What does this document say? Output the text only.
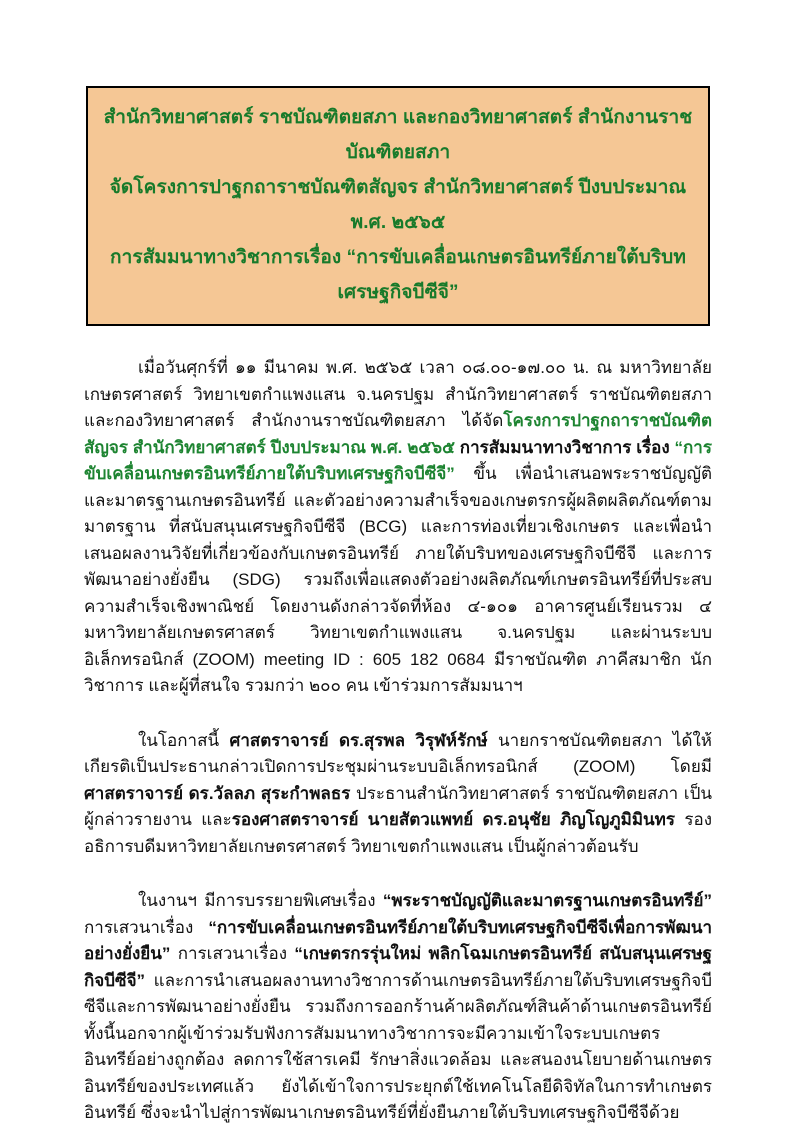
สำนักวิทยาศาสตร์ ราชบัณฑิตยสภา และกองวิทยาศาสตร์ สำนักงานราชบัณฑิตยสภา
จัดโครงการปาฐกถาราชบัณฑิตสัญจร สำนักวิทยาศาสตร์ ปีงบประมาณ พ.ศ. ๒๕๖๕
การสัมมนาทางวิชาการเรื่อง “การขับเคลื่อนเกษตรอินทรีย์ภายใต้บริบทเศรษฐกิจบีซีจี”

เมื่อวันศุกร์ที่ ๑๑ มีนาคม พ.ศ. ๒๕๖๕ เวลา ๐๘.๐๐-๑๗.๐๐ น. ณ มหาวิทยาลัยเกษตรศาสตร์ วิทยาเขตกำแพงแสน จ.นครปฐม สำนักวิทยาศาสตร์ ราชบัณฑิตยสภา และกองวิทยาศาสตร์ สำนักงานราชบัณฑิตยสภา ได้จัดโครงการปาฐกถาราชบัณฑิตสัญจร สำนักวิทยาศาสตร์ ปีงบประมาณ พ.ศ. ๒๕๖๕ การสัมมนาทางวิชาการ เรื่อง “การขับเคลื่อนเกษตรอินทรีย์ภายใต้บริบทเศรษฐกิจบีซีจี” ขึ้น เพื่อนำเสนอพระราชบัญญัติและมาตรฐานเกษตรอินทรีย์ และตัวอย่างความสำเร็จของเกษตรกรผู้ผลิตผลิตภัณฑ์ตามมาตรฐาน ที่สนับสนุนเศรษฐกิจบีซีจี (BCG) และการท่องเที่ยวเชิงเกษตร และเพื่อนำเสนอผลงานวิจัยที่เกี่ยวข้องกับเกษตรอินทรีย์ ภายใต้บริบทของเศรษฐกิจบีซีจี และการพัฒนาอย่างยั่งยืน (SDG) รวมถึงเพื่อแสดงตัวอย่างผลิตภัณฑ์เกษตรอินทรีย์ที่ประสบความสำเร็จเชิงพาณิชย์ โดยงานดังกล่าวจัดที่ห้อง ๔-๑๐๑ อาคารศูนย์เรียนรวม ๔ มหาวิทยาลัยเกษตรศาสตร์ วิทยาเขตกำแพงแสน จ.นครปฐม และผ่านระบบอิเล็กทรอนิกส์ (ZOOM) meeting ID : 605 182 0684 มีราชบัณฑิต ภาคีสมาชิก นักวิชาการ และผู้ที่สนใจ รวมกว่า ๒๐๐ คน เข้าร่วมการสัมมนาฯ

ในโอกาสนี้ ศาสตราจารย์ ดร.สุรพล วิรุฬห์รักษ์ นายกราชบัณฑิตยสภา ได้ให้เกียรติเป็นประธานกล่าวเปิดการประชุมผ่านระบบอิเล็กทรอนิกส์ (ZOOM) โดยมีศาสตราจารย์ ดร.วัลลภ สุระกำพลธร ประธานสำนักวิทยาศาสตร์ ราชบัณฑิตยสภา เป็นผู้กล่าวรายงาน และรองศาสตราจารย์ นายสัตวแพทย์ ดร.อนุชัย ภิญโญภูมิมินทร รองอธิการบดีมหาวิทยาลัยเกษตรศาสตร์ วิทยาเขตกำแพงแสน เป็นผู้กล่าวต้อนรับ

ในงานฯ มีการบรรยายพิเศษเรื่อง “พระราชบัญญัติและมาตรฐานเกษตรอินทรีย์” การเสวนาเรื่อง “การขับเคลื่อนเกษตรอินทรีย์ภายใต้บริบทเศรษฐกิจบีซีจีเพื่อการพัฒนาอย่างยั่งยืน” การเสวนาเรื่อง “เกษตรกรรุ่นใหม่ พลิกโฉมเกษตรอินทรีย์ สนับสนุนเศรษฐกิจบีซีจี” และการนำเสนอผลงานทางวิชาการด้านเกษตรอินทรีย์ภายใต้บริบทเศรษฐกิจบีซีจีและการพัฒนาอย่างยั่งยืน รวมถึงการออกร้านค้าผลิตภัณฑ์สินค้าด้านเกษตรอินทรีย์ ทั้งนี้นอกจากผู้เข้าร่วมรับฟังการสัมมนาทางวิชาการจะมีความเข้าใจระบบเกษตรอินทรีย์อย่างถูกต้อง ลดการใช้สารเคมี รักษาสิ่งแวดล้อม และสนองนโยบายด้านเกษตรอินทรีย์ของประเทศแล้ว ยังได้เข้าใจการประยุกต์ใช้เทคโนโลยีดิจิทัลในการทำเกษตรอินทรีย์ ซึ่งจะนำไปสู่การพัฒนาเกษตรอินทรีย์ที่ยั่งยืนภายใต้บริบทเศรษฐกิจบีซีจีด้วย
